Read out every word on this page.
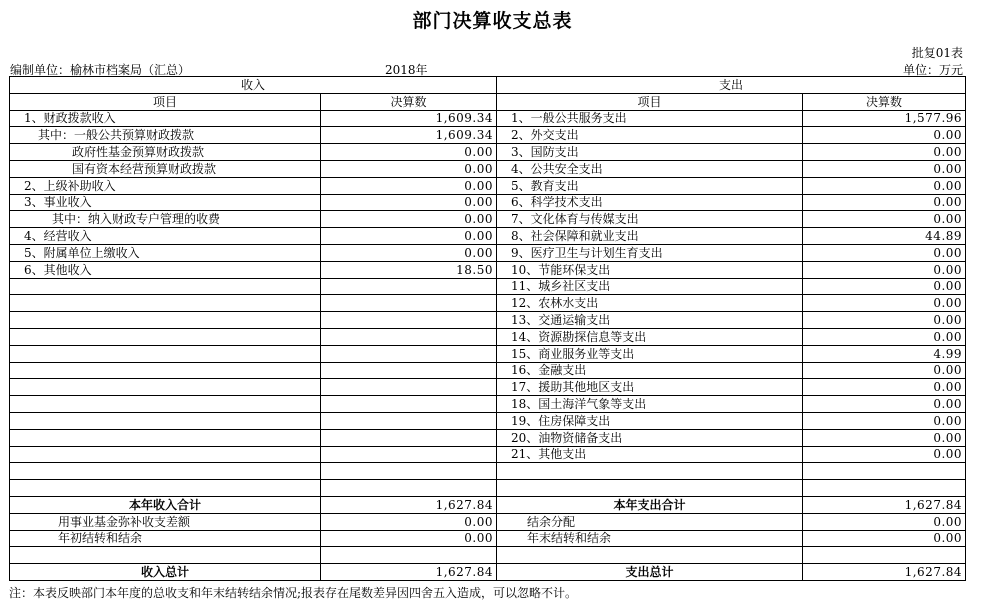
部门决算收支总表
批复01表
编制单位：榆林市档案局（汇总）	2018年	单位：万元
收入		支出	
项目	决算数	项目	决算数
1、财政拨款收入	1,609.34	1、一般公共服务支出	1,577.96
其中：一般公共预算财政拨款	1,609.34	2、外交支出	0.00
政府性基金预算财政拨款	0.00	3、国防支出	0.00
国有资本经营预算财政拨款	0.00	4、公共安全支出	0.00
2、上级补助收入	0.00	5、教育支出	0.00
3、事业收入	0.00	6、科学技术支出	0.00
其中：纳入财政专户管理的收费	0.00	7、文化体育与传媒支出	0.00
4、经营收入	0.00	8、社会保障和就业支出	44.89
5、附属单位上缴收入	0.00	9、医疗卫生与计划生育支出	0.00
6、其他收入	18.50	10、节能环保支出	0.00
		11、城乡社区支出	0.00
		12、农林水支出	0.00
		13、交通运输支出	0.00
		14、资源勘探信息等支出	0.00
		15、商业服务业等支出	4.99
		16、金融支出	0.00
		17、援助其他地区支出	0.00
		18、国土海洋气象等支出	0.00
		19、住房保障支出	0.00
		20、油物资储备支出	0.00
		21、其他支出	0.00

本年收入合计	1,627.84	本年支出合计	1,627.84
用事业基金弥补收支差额	0.00	结余分配	0.00
年初结转和结余	0.00	年末结转和结余	0.00

收入总计	1,627.84	支出总计	1,627.84
注：本表反映部门本年度的总收支和年末结转结余情况;报表存在尾数差异因四舍五入造成，可以忽略不计。
